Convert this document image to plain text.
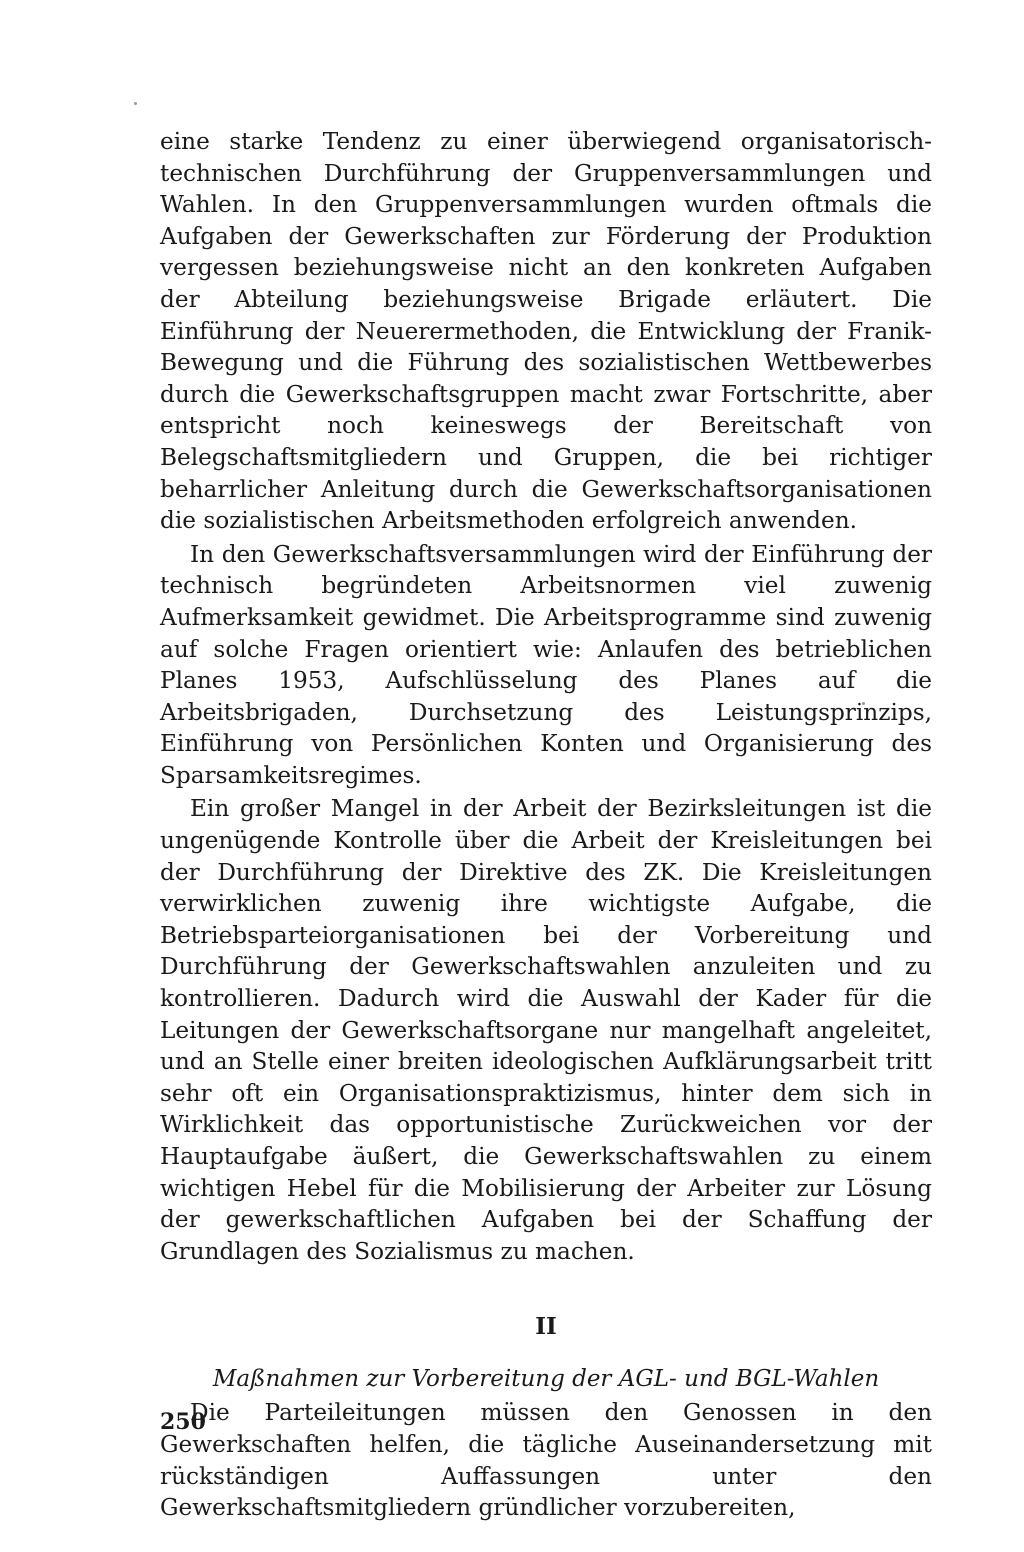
eine starke Tendenz zu einer überwiegend organisatorisch-technischen Durchführung der Gruppenversammlungen und Wahlen. In den Gruppenversammlungen wurden oftmals die Aufgaben der Gewerkschaften zur Förderung der Produktion vergessen beziehungsweise nicht an den konkreten Aufgaben der Abteilung beziehungsweise Brigade erläutert. Die Einführung der Neuerermethoden, die Entwicklung der Franik-Bewegung und die Führung des sozialistischen Wettbewerbes durch die Gewerkschaftsgruppen macht zwar Fortschritte, aber entspricht noch keineswegs der Bereitschaft von Belegschaftsmitgliedern und Gruppen, die bei richtiger beharrlicher Anleitung durch die Gewerkschaftsorganisationen die sozialistischen Arbeitsmethoden erfolgreich anwenden.

In den Gewerkschaftsversammlungen wird der Einführung der technisch begründeten Arbeitsnormen viel zuwenig Aufmerksamkeit gewidmet. Die Arbeitsprogramme sind zuwenig auf solche Fragen orientiert wie: Anlaufen des betrieblichen Planes 1953, Aufschlüsselung des Planes auf die Arbeitsbrigaden, Durchsetzung des Leistungsprinzips, Einführung von Persönlichen Konten und Organisierung des Sparsamkeitsregimes.

Ein großer Mangel in der Arbeit der Bezirksleitungen ist die ungenügende Kontrolle über die Arbeit der Kreisleitungen bei der Durchführung der Direktive des ZK. Die Kreisleitungen verwirklichen zuwenig ihre wichtigste Aufgabe, die Betriebsparteiorganisationen bei der Vorbereitung und Durchführung der Gewerkschaftswahlen anzuleiten und zu kontrollieren. Dadurch wird die Auswahl der Kader für die Leitungen der Gewerkschaftsorgane nur mangelhaft angeleitet, und an Stelle einer breiten ideologischen Aufklärungsarbeit tritt sehr oft ein Organisationspraktizismus, hinter dem sich in Wirklichkeit das opportunistische Zurückweichen vor der Hauptaufgabe äußert, die Gewerkschaftswahlen zu einem wichtigen Hebel für die Mobilisierung der Arbeiter zur Lösung der gewerkschaftlichen Aufgaben bei der Schaffung der Grundlagen des Sozialismus zu machen.

II

Maßnahmen zur Vorbereitung der AGL- und BGL-Wahlen

Die Parteileitungen müssen den Genossen in den Gewerkschaften helfen, die tägliche Auseinandersetzung mit rückständigen Auffassungen unter den Gewerkschaftsmitgliedern gründlicher vorzubereiten,

250
